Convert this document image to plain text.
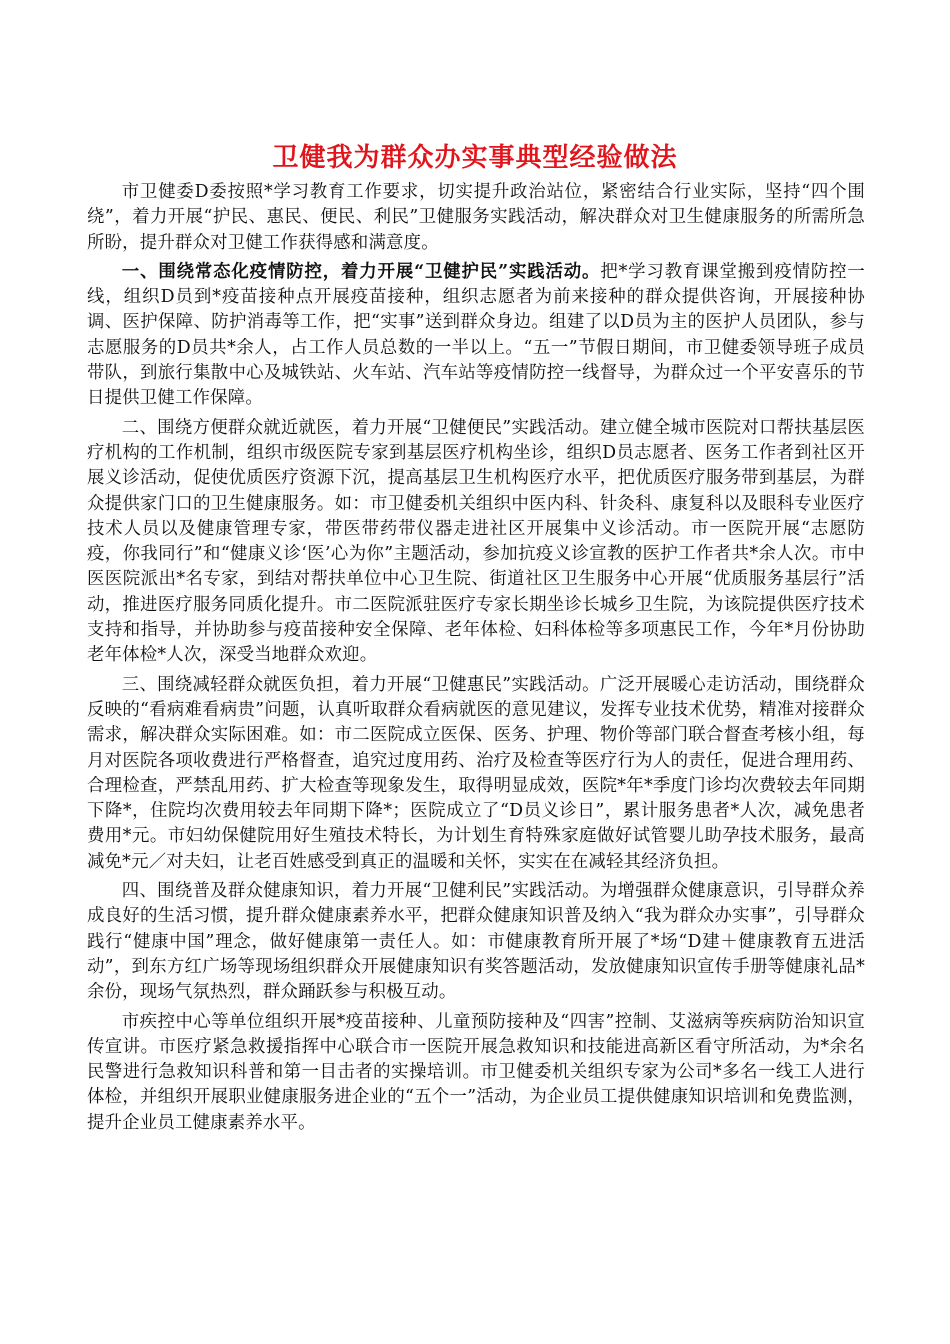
卫健我为群众办实事典型经验做法

市卫健委D委按照*学习教育工作要求，切实提升政治站位，紧密结合行业实际，坚持“四个围绕”，着力开展“护民、惠民、便民、利民”卫健服务实践活动，解决群众对卫生健康服务的所需所急所盼，提升群众对卫健工作获得感和满意度。

一、围绕常态化疫情防控，着力开展“卫健护民”实践活动。把*学习教育课堂搬到疫情防控一线，组织D员到*疫苗接种点开展疫苗接种，组织志愿者为前来接种的群众提供咨询，开展接种协调、医护保障、防护消毒等工作，把“实事”送到群众身边。组建了以D员为主的医护人员团队，参与志愿服务的D员共*余人，占工作人员总数的一半以上。“五一”节假日期间，市卫健委领导班子成员带队，到旅行集散中心及城铁站、火车站、汽车站等疫情防控一线督导，为群众过一个平安喜乐的节日提供卫健工作保障。

二、围绕方便群众就近就医，着力开展“卫健便民”实践活动。建立健全城市医院对口帮扶基层医疗机构的工作机制，组织市级医院专家到基层医疗机构坐诊，组织D员志愿者、医务工作者到社区开展义诊活动，促使优质医疗资源下沉，提高基层卫生机构医疗水平，把优质医疗服务带到基层，为群众提供家门口的卫生健康服务。如：市卫健委机关组织中医内科、针灸科、康复科以及眼科专业医疗技术人员以及健康管理专家，带医带药带仪器走进社区开展集中义诊活动。市一医院开展“志愿防疫，你我同行”和“健康义诊‘医’心为你”主题活动，参加抗疫义诊宣教的医护工作者共*余人次。市中医医院派出*名专家，到结对帮扶单位中心卫生院、街道社区卫生服务中心开展“优质服务基层行”活动，推进医疗服务同质化提升。市二医院派驻医疗专家长期坐诊长城乡卫生院，为该院提供医疗技术支持和指导，并协助参与疫苗接种安全保障、老年体检、妇科体检等多项惠民工作，今年*月份协助老年体检*人次，深受当地群众欢迎。

三、围绕减轻群众就医负担，着力开展“卫健惠民”实践活动。广泛开展暖心走访活动，围绕群众反映的“看病难看病贵”问题，认真听取群众看病就医的意见建议，发挥专业技术优势，精准对接群众需求，解决群众实际困难。如：市二医院成立医保、医务、护理、物价等部门联合督查考核小组，每月对医院各项收费进行严格督查，追究过度用药、治疗及检查等医疗行为人的责任，促进合理用药、合理检查，严禁乱用药、扩大检查等现象发生，取得明显成效，医院*年*季度门诊均次费较去年同期下降*，住院均次费用较去年同期下降*；医院成立了“D员义诊日”，累计服务患者*人次，减免患者费用*元。市妇幼保健院用好生殖技术特长，为计划生育特殊家庭做好试管婴儿助孕技术服务，最高减免*元／对夫妇，让老百姓感受到真正的温暖和关怀，实实在在减轻其经济负担。

四、围绕普及群众健康知识，着力开展“卫健利民”实践活动。为增强群众健康意识，引导群众养成良好的生活习惯，提升群众健康素养水平，把群众健康知识普及纳入“我为群众办实事”，引导群众践行“健康中国”理念，做好健康第一责任人。如：市健康教育所开展了*场“D建＋健康教育五进活动”，到东方红广场等现场组织群众开展健康知识有奖答题活动，发放健康知识宣传手册等健康礼品*余份，现场气氛热烈，群众踊跃参与积极互动。

市疾控中心等单位组织开展*疫苗接种、儿童预防接种及“四害”控制、艾滋病等疾病防治知识宣传宣讲。市医疗紧急救援指挥中心联合市一医院开展急救知识和技能进高新区看守所活动，为*余名民警进行急救知识科普和第一目击者的实操培训。市卫健委机关组织专家为公司*多名一线工人进行体检，并组织开展职业健康服务进企业的“五个一”活动，为企业员工提供健康知识培训和免费监测，提升企业员工健康素养水平。
